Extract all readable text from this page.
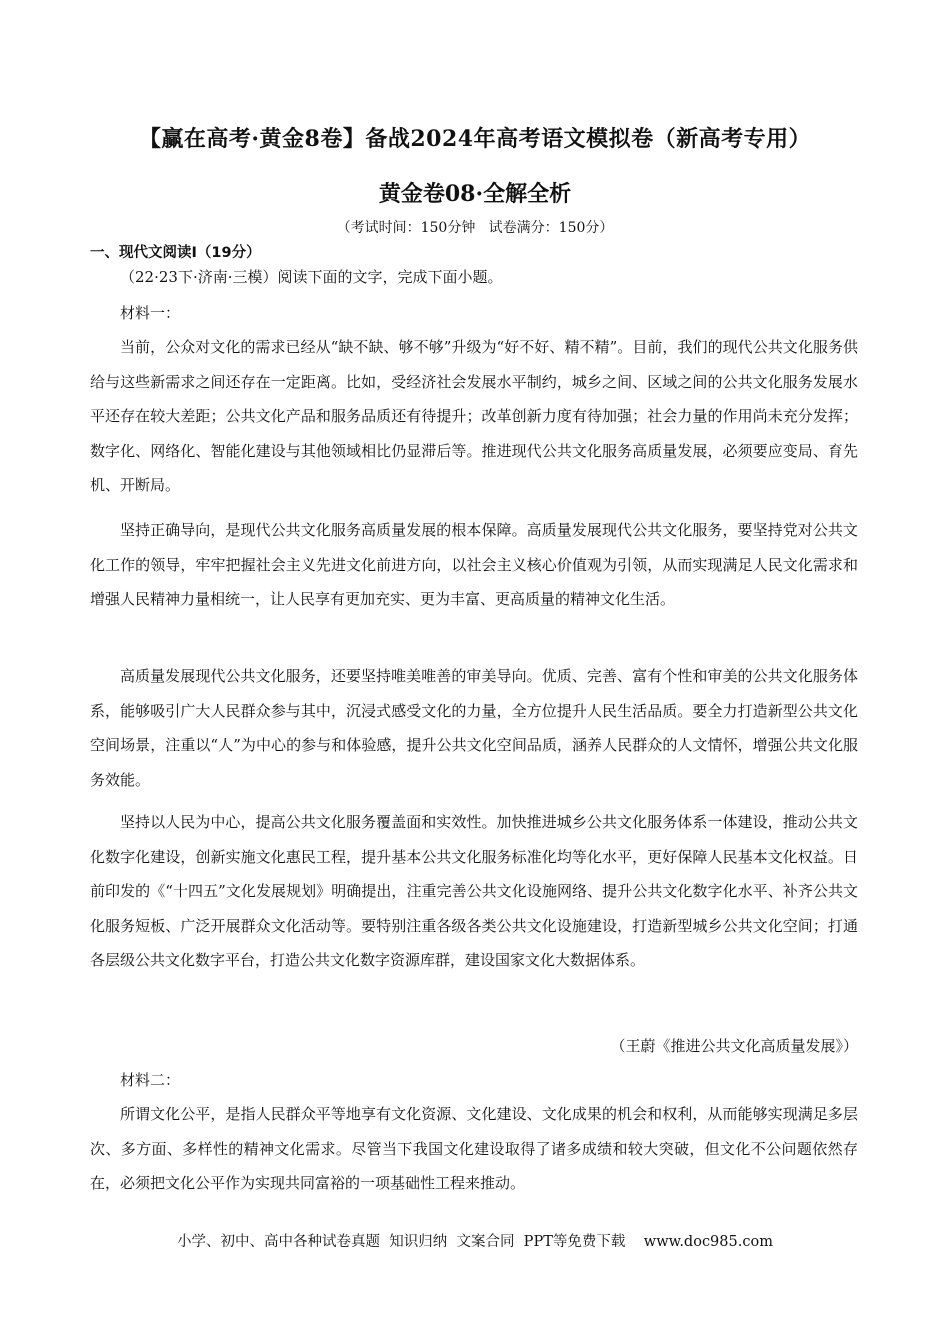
【赢在高考·黄金8卷】备战2024年高考语文模拟卷（新高考专用）
黄金卷08·全解全析
（考试时间：150分钟   试卷满分：150分）
一、现代文阅读Ⅰ（19分）
（22·23下·济南·三模）阅读下面的文字，完成下面小题。
材料一：
当前，公众对文化的需求已经从“缺不缺、够不够”升级为“好不好、精不精”。目前，我们的现代公共文化服务供给与这些新需求之间还存在一定距离。比如，受经济社会发展水平制约，城乡之间、区域之间的公共文化服务发展水平还存在较大差距；公共文化产品和服务品质还有待提升；改革创新力度有待加强；社会力量的作用尚未充分发挥；数字化、网络化、智能化建设与其他领域相比仍显滞后等。推进现代公共文化服务高质量发展，必须要应变局、育先机、开断局。
坚持正确导向，是现代公共文化服务高质量发展的根本保障。高质量发展现代公共文化服务，要坚持党对公共文化工作的领导，牢牢把握社会主义先进文化前进方向，以社会主义核心价值观为引领，从而实现满足人民文化需求和增强人民精神力量相统一，让人民享有更加充实、更为丰富、更高质量的精神文化生活。
高质量发展现代公共文化服务，还要坚持唯美唯善的审美导向。优质、完善、富有个性和审美的公共文化服务体系，能够吸引广大人民群众参与其中，沉浸式感受文化的力量，全方位提升人民生活品质。要全力打造新型公共文化空间场景，注重以“人”为中心的参与和体验感，提升公共文化空间品质，涵养人民群众的人文情怀，增强公共文化服务效能。
坚持以人民为中心，提高公共文化服务覆盖面和实效性。加快推进城乡公共文化服务体系一体建设，推动公共文化数字化建设，创新实施文化惠民工程，提升基本公共文化服务标准化均等化水平，更好保障人民基本文化权益。日前印发的《“十四五”文化发展规划》明确提出，注重完善公共文化设施网络、提升公共文化数字化水平、补齐公共文化服务短板、广泛开展群众文化活动等。要特别注重各级各类公共文化设施建设，打造新型城乡公共文化空间；打通各层级公共文化数字平台，打造公共文化数字资源库群，建设国家文化大数据体系。
（王蔚《推进公共文化高质量发展》）
材料二：
所谓文化公平，是指人民群众平等地享有文化资源、文化建设、文化成果的机会和权利，从而能够实现满足多层次、多方面、多样性的精神文化需求。尽管当下我国文化建设取得了诸多成绩和较大突破，但文化不公问题依然存在，必须把文化公平作为实现共同富裕的一项基础性工程来推动。
小学、初中、高中各种试卷真题  知识归纳  文案合同  PPT等免费下载    www.doc985.com
